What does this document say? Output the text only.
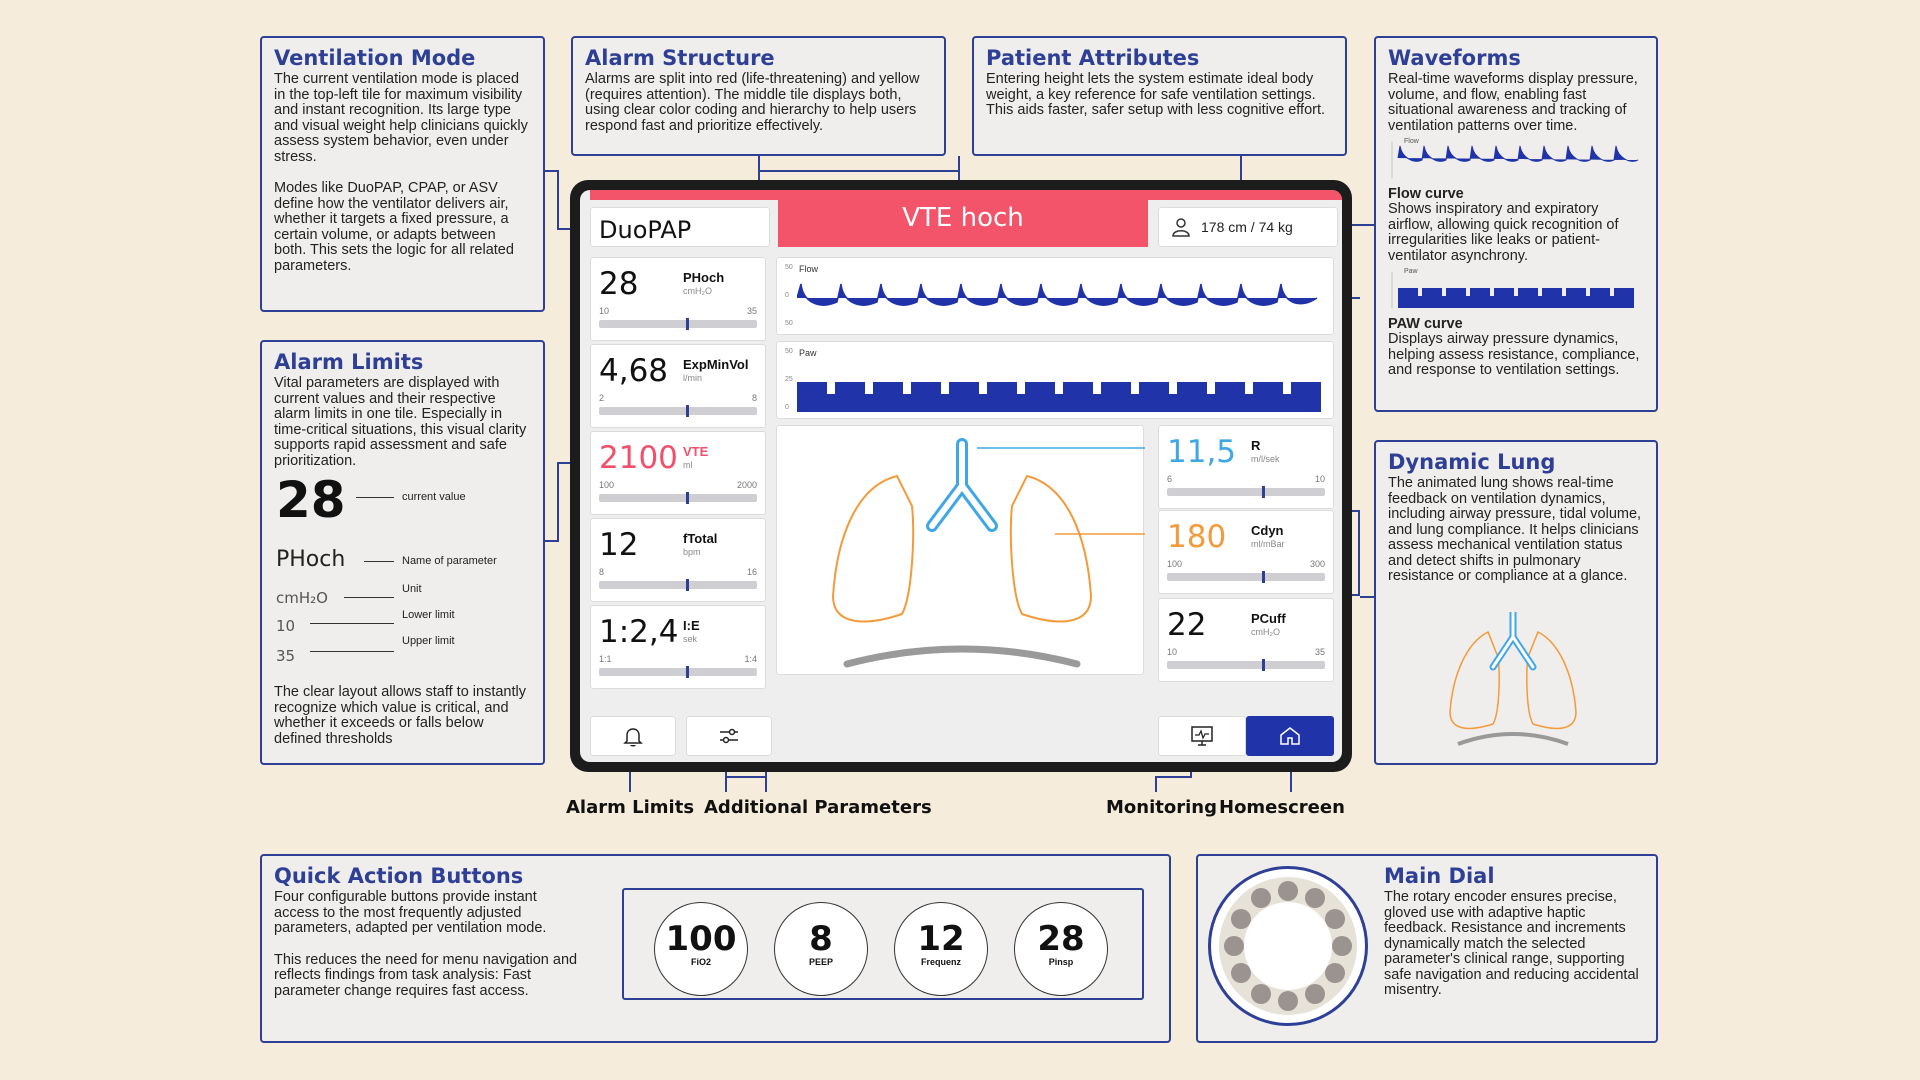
Ventilation Mode

The current ventilation mode is placed in the top-left tile for maximum visibility and instant recognition. Its large type and visual weight help clinicians quickly assess system behavior, even under stress.

Modes like DuoPAP, CPAP, or ASV define how the ventilator delivers air, whether it targets a fixed pressure, a certain volume, or adapts between both. This sets the logic for all related parameters.

Alarm Structure

Alarms are split into red (life-threatening) and yellow (requires attention). The middle tile displays both, using clear color coding and hierarchy to help users respond fast and prioritize effectively.

Patient Attributes

Entering height lets the system estimate ideal body weight, a key reference for safe ventilation settings. This aids faster, safer setup with less cognitive effort.

Waveforms

Real-time waveforms display pressure, volume, and flow, enabling fast situational awareness and tracking of ventilation patterns over time.

Flow
Flow curve

Shows inspiratory and expiratory airflow, allowing quick recognition of irregularities like leaks or patient-ventilator asynchrony.

Paw
PAW curve

Displays airway pressure dynamics, helping assess resistance, compliance, and response to ventilation settings.

Alarm Limits

Vital parameters are displayed with current values and their respective alarm limits in one tile. Especially in time-critical situations, this visual clarity supports rapid assessment and safe prioritization.

28	current value
PHoch	Name of parameter
cmH₂O	Unit
10
Lower limit
35
Upper limit

The clear layout allows staff to instantly recognize which value is critical, and whether it exceeds or falls below defined thresholds

Dynamic Lung

The animated lung shows real-time feedback on ventilation dynamics, including airway pressure, tidal volume, and lung compliance. It helps clinicians assess mechanical ventilation status and detect shifts in pulmonary resistance or compliance at a glance.

Quick Action Buttons

Four configurable buttons provide instant access to the most frequently adjusted parameters, adapted per ventilation mode.

This reduces the need for menu navigation and reflects findings from task analysis: Fast parameter change requires fast access.

100
FiO2
8
PEEP
12
Frequenz
28
Pinsp
Main Dial

The rotary encoder ensures precise, gloved use with adaptive haptic feedback. Resistance and increments dynamically match the selected parameter's clinical range, supporting safe navigation and reducing accidental misentry.

DuoPAP	VTE hoch	178 cm / 74 kg
28	PHoch
cmH₂O
10	35
4,68 ExpMinVol
l/min
2	8
2100 VTE
ml
100	2000
12	fTotal
bpm
8	16
1:2,4 I:E
sek
1:1	1:4
Flow
50
0
50
Paw
50
25
0
11,5 R
m/l/sek
6	10
180 Cdyn
ml/mBar
100	300
22	PCuff
cmH₂O
10	35
Alarm Limits Additional Parameters	Monitoring Homescreen
